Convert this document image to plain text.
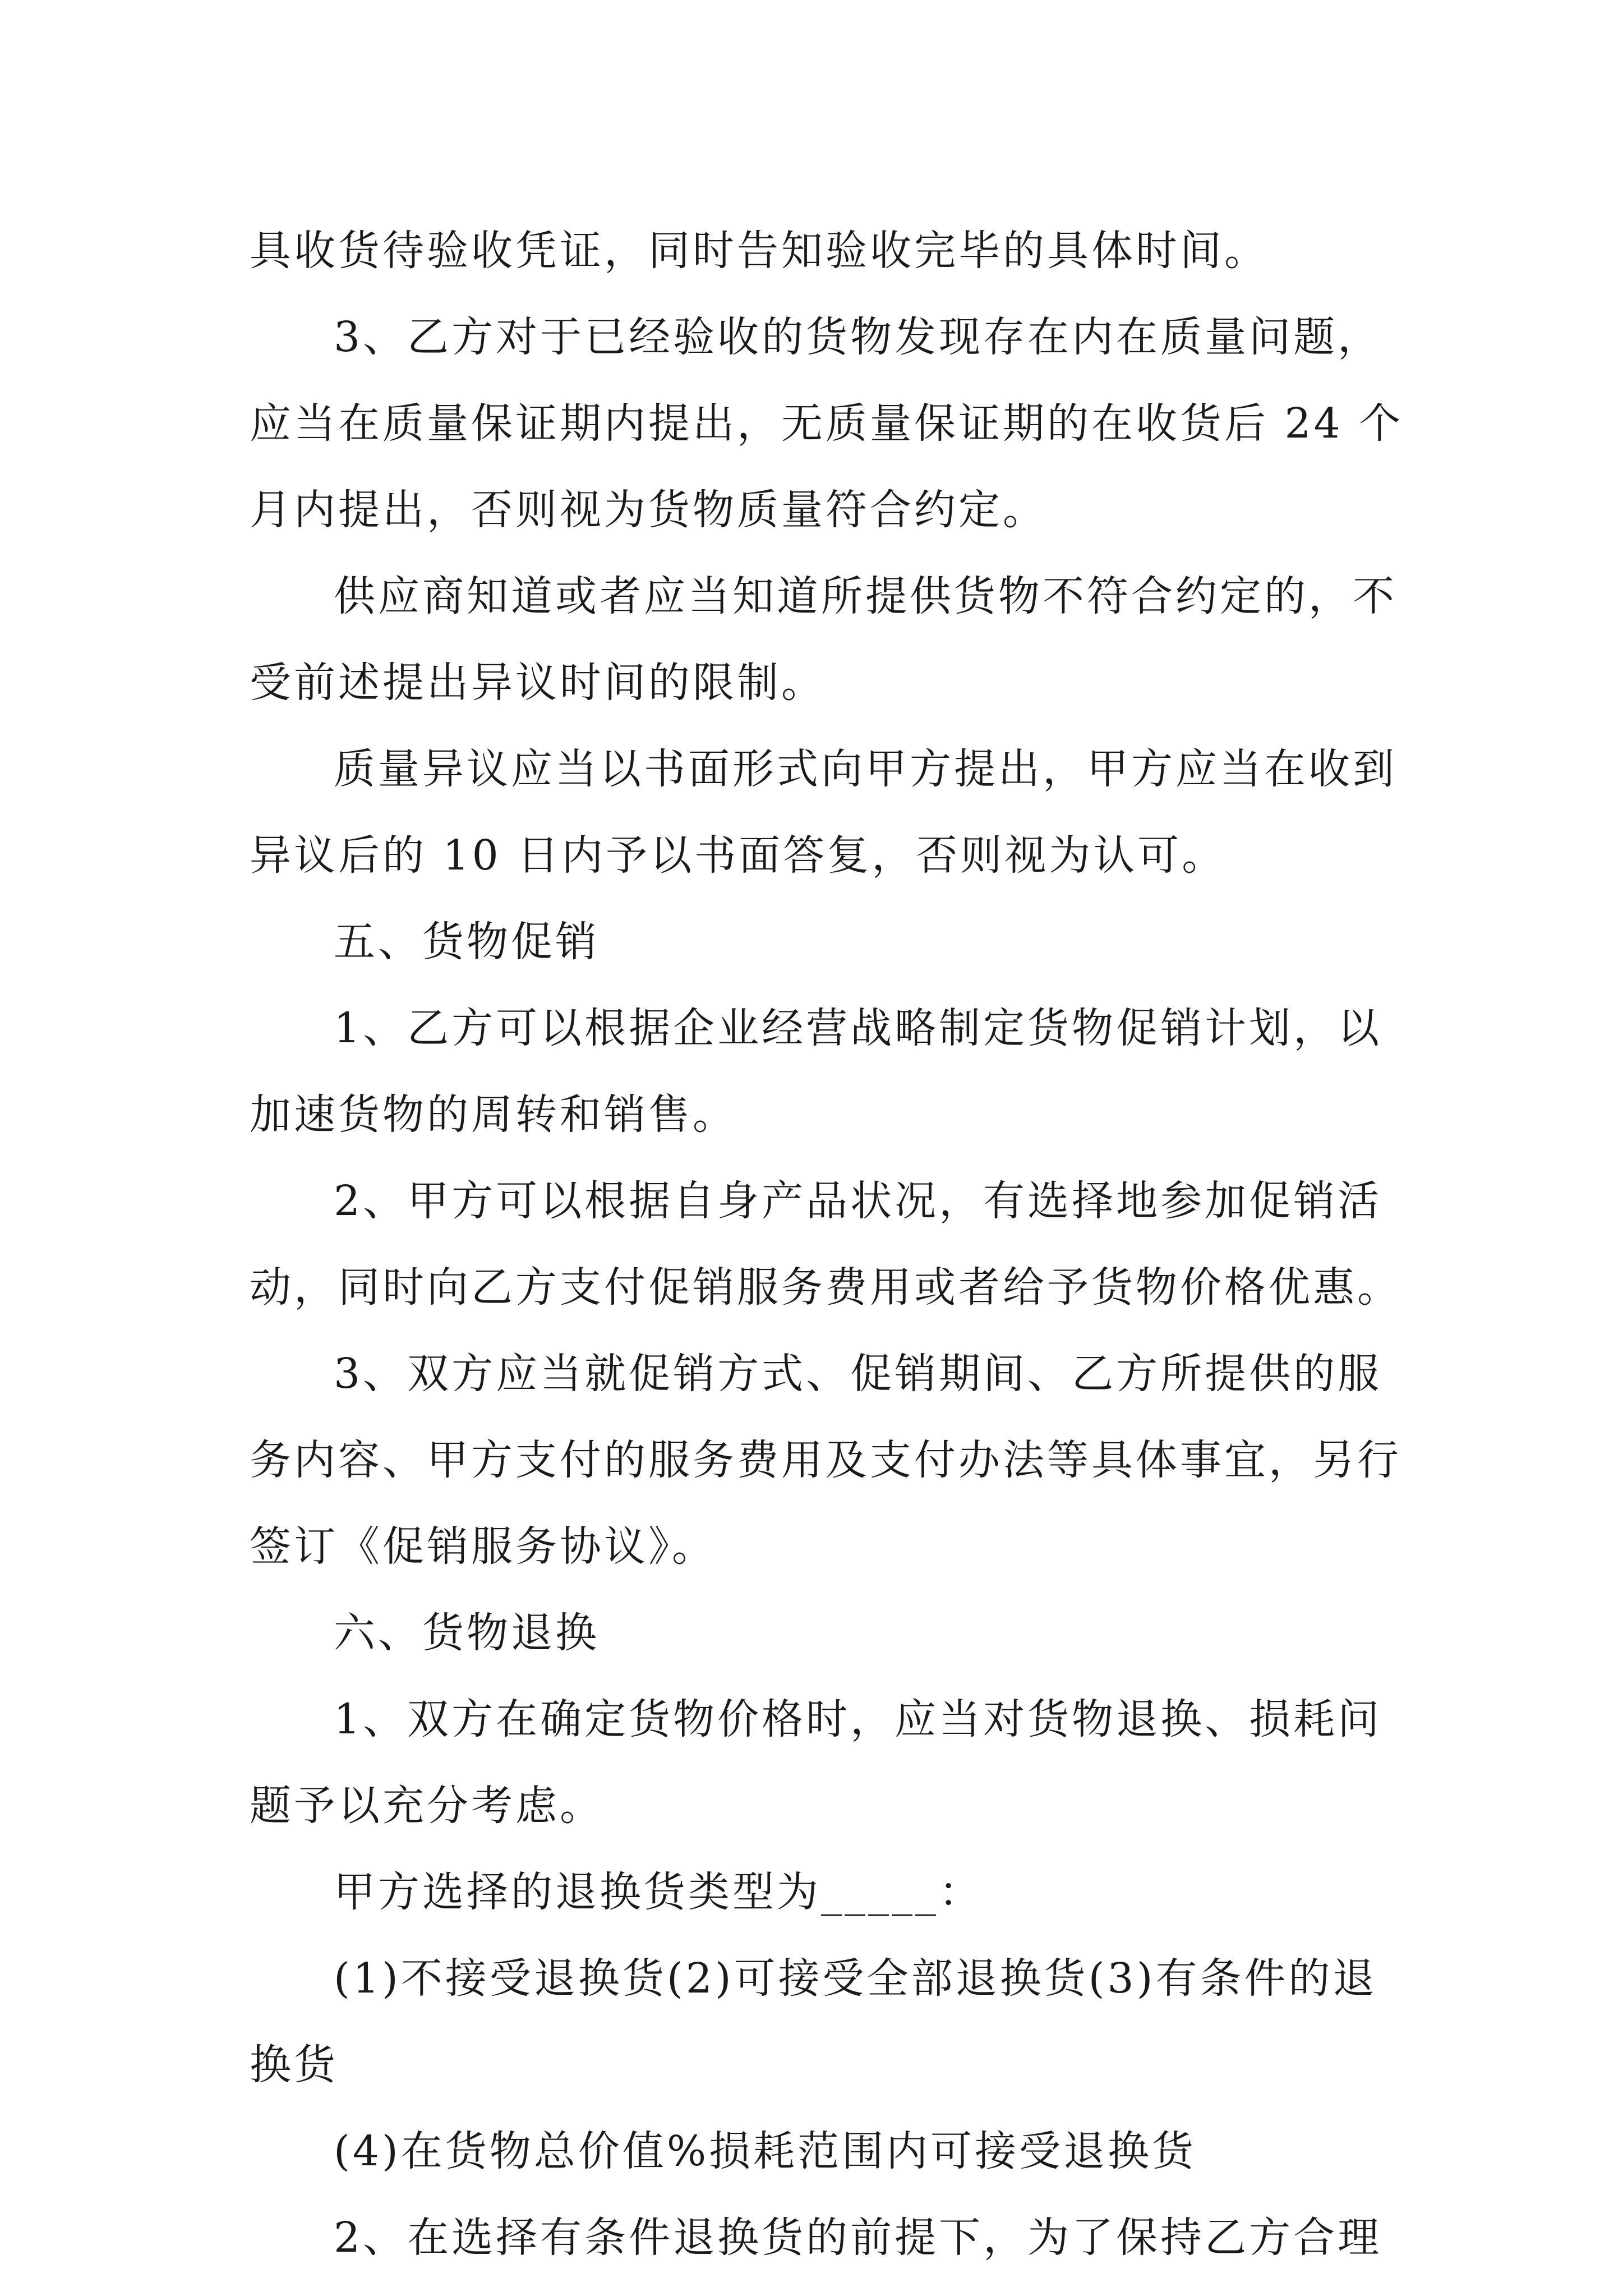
具收货待验收凭证，同时告知验收完毕的具体时间。
3、乙方对于已经验收的货物发现存在内在质量问题，
应当在质量保证期内提出，无质量保证期的在收货后 24 个
月内提出，否则视为货物质量符合约定。
供应商知道或者应当知道所提供货物不符合约定的，不
受前述提出异议时间的限制。
质量异议应当以书面形式向甲方提出，甲方应当在收到
异议后的 10 日内予以书面答复，否则视为认可。
五、货物促销
1、乙方可以根据企业经营战略制定货物促销计划，以
加速货物的周转和销售。
2、甲方可以根据自身产品状况，有选择地参加促销活
动，同时向乙方支付促销服务费用或者给予货物价格优惠。
3、双方应当就促销方式、促销期间、乙方所提供的服
务内容、甲方支付的服务费用及支付办法等具体事宜，另行
签订《促销服务协议》。
六、货物退换
1、双方在确定货物价格时，应当对货物退换、损耗问
题予以充分考虑。
甲方选择的退换货类型为_____：
(1)不接受退换货(2)可接受全部退换货(3)有条件的退
换货
(4)在货物总价值%损耗范围内可接受退换货
2、在选择有条件退换货的前提下，为了保持乙方合理
